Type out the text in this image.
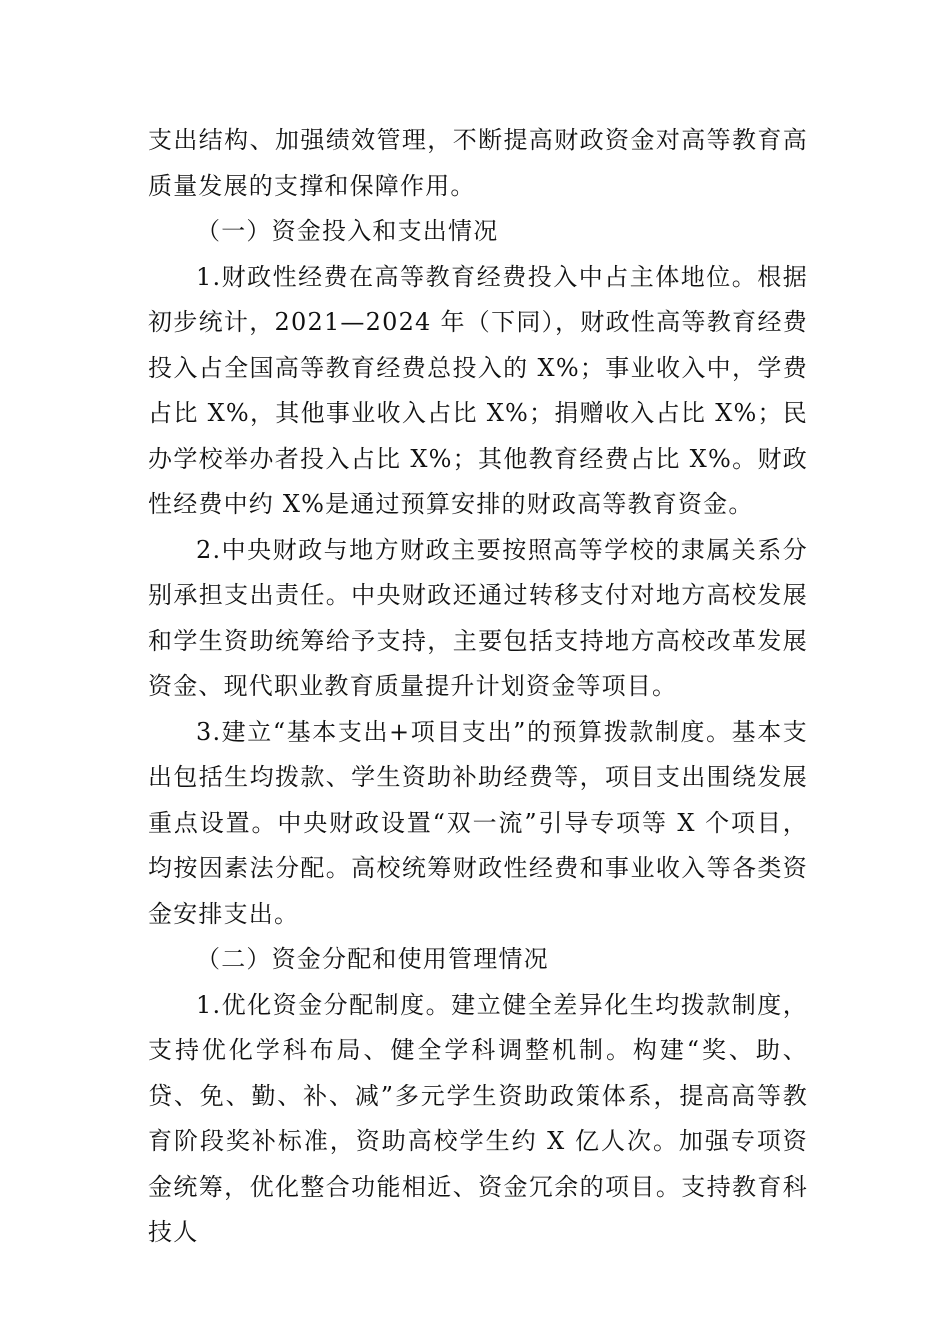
支出结构、加强绩效管理，不断提高财政资金对高等教育高质量发展的支撑和保障作用。

（一）资金投入和支出情况

1.财政性经费在高等教育经费投入中占主体地位。根据初步统计，2021—2024 年（下同），财政性高等教育经费投入占全国高等教育经费总投入的 X%；事业收入中，学费占比 X%，其他事业收入占比 X%；捐赠收入占比 X%；民办学校举办者投入占比 X%；其他教育经费占比 X%。财政性经费中约 X%是通过预算安排的财政高等教育资金。

2.中央财政与地方财政主要按照高等学校的隶属关系分别承担支出责任。中央财政还通过转移支付对地方高校发展和学生资助统筹给予支持，主要包括支持地方高校改革发展资金、现代职业教育质量提升计划资金等项目。

3.建立“基本支出+项目支出”的预算拨款制度。基本支出包括生均拨款、学生资助补助经费等，项目支出围绕发展重点设置。中央财政设置“双一流”引导专项等 X 个项目，均按因素法分配。高校统筹财政性经费和事业收入等各类资金安排支出。

（二）资金分配和使用管理情况

1.优化资金分配制度。建立健全差异化生均拨款制度，支持优化学科布局、健全学科调整机制。构建“奖、助、贷、免、勤、补、减”多元学生资助政策体系，提高高等教育阶段奖补标准，资助高校学生约 X 亿人次。加强专项资金统筹，优化整合功能相近、资金冗余的项目。支持教育科技人
